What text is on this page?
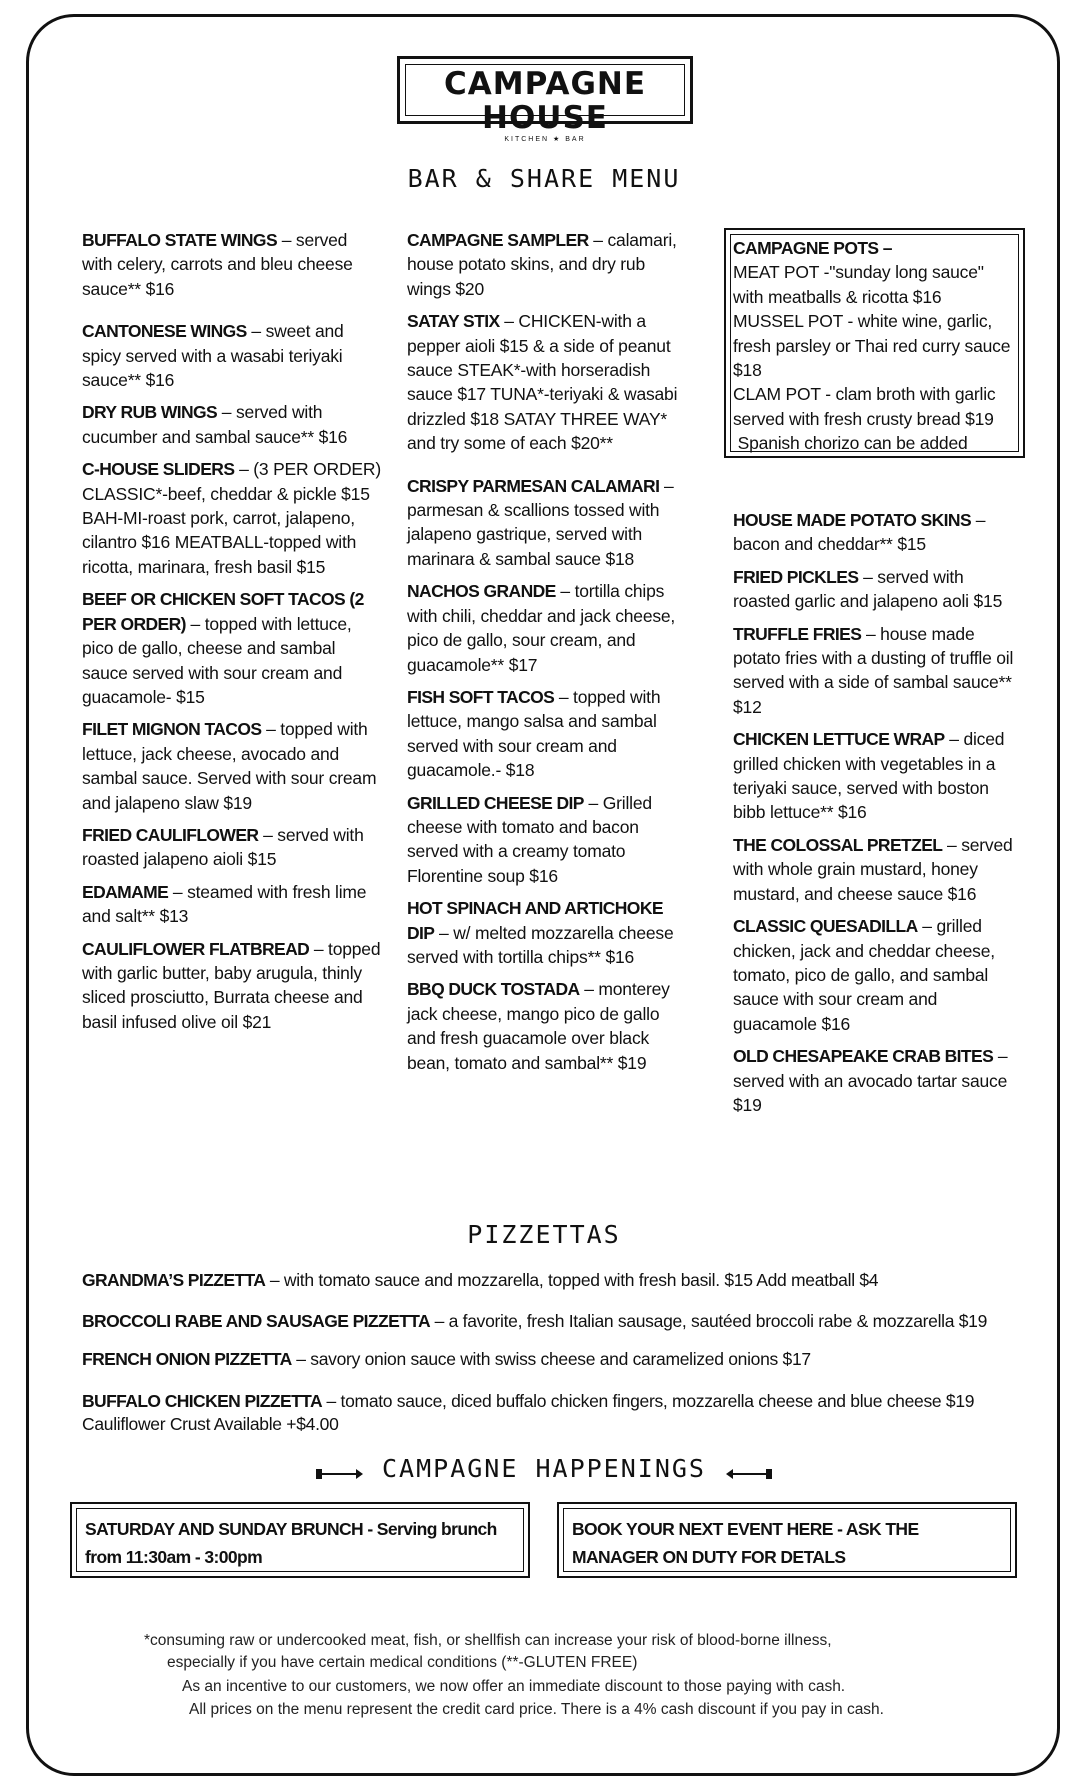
CAMPAGNE HOUSE
KITCHEN ★ BAR
BAR & SHARE MENU

BUFFALO STATE WINGS – served with celery, carrots and bleu cheese sauce** $16

CANTONESE WINGS – sweet and spicy served with a wasabi teriyaki sauce** $16

DRY RUB WINGS – served with cucumber and sambal sauce** $16

C-HOUSE SLIDERS – (3 PER ORDER) CLASSIC*-beef, cheddar & pickle $15 BAH-MI-roast pork, carrot, jalapeno, cilantro $16 MEATBALL-topped with ricotta, marinara, fresh basil $15

BEEF OR CHICKEN SOFT TACOS (2 PER ORDER) – topped with lettuce, pico de gallo, cheese and sambal sauce served with sour cream and guacamole- $15

FILET MIGNON TACOS – topped with lettuce, jack cheese, avocado and sambal sauce. Served with sour cream and jalapeno slaw $19

FRIED CAULIFLOWER – served with roasted jalapeno aioli $15

EDAMAME – steamed with fresh lime and salt** $13

CAULIFLOWER FLATBREAD – topped with garlic butter, baby arugula, thinly sliced prosciutto, Burrata cheese and basil infused olive oil $21

CAMPAGNE SAMPLER – calamari, house potato skins, and dry rub wings $20

SATAY STIX – CHICKEN-with a pepper aioli $15 & a side of peanut sauce STEAK*-with horseradish sauce $17 TUNA*-teriyaki & wasabi drizzled $18 SATAY THREE WAY* and try some of each $20**

CRISPY PARMESAN CALAMARI – parmesan & scallions tossed with jalapeno gastrique, served with marinara & sambal sauce $18

NACHOS GRANDE – tortilla chips with chili, cheddar and jack cheese, pico de gallo, sour cream, and guacamole** $17

FISH SOFT TACOS – topped with lettuce, mango salsa and sambal served with sour cream and guacamole.- $18

GRILLED CHEESE DIP – Grilled cheese with tomato and bacon served with a creamy tomato Florentine soup $16

HOT SPINACH AND ARTICHOKE DIP – w/ melted mozzarella cheese served with tortilla chips** $16

BBQ DUCK TOSTADA – monterey jack cheese, mango pico de gallo and fresh guacamole over black bean, tomato and sambal** $19

CAMPAGNE POTS –

MEAT POT -"sunday long sauce" with meatballs & ricotta $16

MUSSEL POT - white wine, garlic, fresh parsley or Thai red curry sauce $18

CLAM POT - clam broth with garlic served with fresh crusty bread $19

Spanish chorizo can be added

HOUSE MADE POTATO SKINS – bacon and cheddar** $15

FRIED PICKLES – served with roasted garlic and jalapeno aoli $15

TRUFFLE FRIES – house made potato fries with a dusting of truffle oil served with a side of sambal sauce** $12

CHICKEN LETTUCE WRAP – diced grilled chicken with vegetables in a teriyaki sauce, served with boston bibb lettuce** $16

THE COLOSSAL PRETZEL – served with whole grain mustard, honey mustard, and cheese sauce $16

CLASSIC QUESADILLA – grilled chicken, jack and cheddar cheese, tomato, pico de gallo, and sambal sauce with sour cream and guacamole $16

OLD CHESAPEAKE CRAB BITES – served with an avocado tartar sauce $19

PIZZETTAS
GRANDMA’S PIZZETTA – with tomato sauce and mozzarella, topped with fresh basil. $15 Add meatball $4
BROCCOLI RABE AND SAUSAGE PIZZETTA – a favorite, fresh Italian sausage, sautéed broccoli rabe & mozzarella $19
FRENCH ONION PIZZETTA – savory onion sauce with swiss cheese and caramelized onions $17
BUFFALO CHICKEN PIZZETTA – tomato sauce, diced buffalo chicken fingers, mozzarella cheese and blue cheese $19
Cauliflower Crust Available +$4.00
CAMPAGNE HAPPENINGS
SATURDAY AND SUNDAY BRUNCH - Serving brunch from 11:30am - 3:00pm
BOOK YOUR NEXT EVENT HERE - ASK THE MANAGER ON DUTY FOR DETALS
*consuming raw or undercooked meat, fish, or shellfish can increase your risk of blood-borne illness,
especially if you have certain medical conditions (**-GLUTEN FREE)
As an incentive to our customers, we now offer an immediate discount to those paying with cash.
All prices on the menu represent the credit card price. There is a 4% cash discount if you pay in cash.
